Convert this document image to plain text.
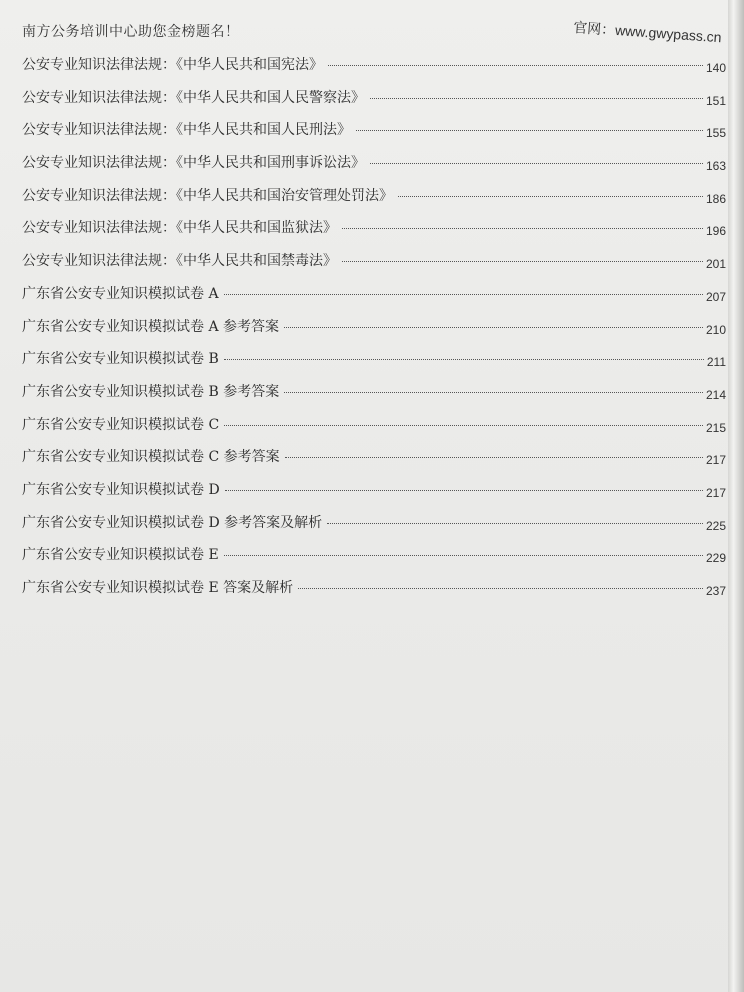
南方公务培训中心助您金榜题名！	官网：www.gwypass.cn
公安专业知识法律法规：《中华人民共和国宪法》	140
公安专业知识法律法规：《中华人民共和国人民警察法》	151
公安专业知识法律法规：《中华人民共和国人民刑法》	155
公安专业知识法律法规：《中华人民共和国刑事诉讼法》	163
公安专业知识法律法规：《中华人民共和国治安管理处罚法》	186
公安专业知识法律法规：《中华人民共和国监狱法》	196
公安专业知识法律法规：《中华人民共和国禁毒法》	201
广东省公安专业知识模拟试卷 A	207
广东省公安专业知识模拟试卷 A 参考答案	210
广东省公安专业知识模拟试卷 B	211
广东省公安专业知识模拟试卷 B 参考答案	214
广东省公安专业知识模拟试卷 C	215
广东省公安专业知识模拟试卷 C 参考答案	217
广东省公安专业知识模拟试卷 D	217
广东省公安专业知识模拟试卷 D 参考答案及解析	225
广东省公安专业知识模拟试卷 E	229
广东省公安专业知识模拟试卷 E 答案及解析	237
